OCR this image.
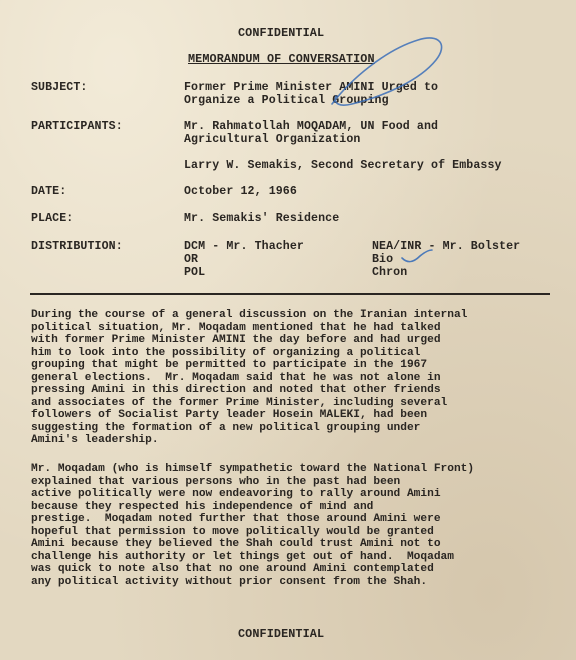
CONFIDENTIAL
MEMORANDUM OF CONVERSATION
SUBJECT:	Former Prime Minister AMINI Urged to
Organize a Political Grouping
PARTICIPANTS:	Mr. Rahmatollah MOQADAM, UN Food and
Agricultural Organization
Larry W. Semakis, Second Secretary of Embassy
DATE:	October 12, 1966
PLACE:	Mr. Semakis' Residence
DISTRIBUTION:	DCM - Mr. Thacher
OR
POL
NEA/INR - Mr. Bolster
Bio
Chron
During the course of a general discussion on the Iranian internal
political situation, Mr. Moqadam mentioned that he had talked
with former Prime Minister AMINI the day before and had urged
him to look into the possibility of organizing a political
grouping that might be permitted to participate in the 1967
general elections.  Mr. Moqadam said that he was not alone in
pressing Amini in this direction and noted that other friends
and associates of the former Prime Minister, including several
followers of Socialist Party leader Hosein MALEKI, had been
suggesting the formation of a new political grouping under
Amini's leadership.
Mr. Moqadam (who is himself sympathetic toward the National Front)
explained that various persons who in the past had been
active politically were now endeavoring to rally around Amini
because they respected his independence of mind and
prestige.  Moqadam noted further that those around Amini were
hopeful that permission to move politically would be granted
Amini because they believed the Shah could trust Amini not to
challenge his authority or let things get out of hand.  Moqadam
was quick to note also that no one around Amini contemplated
any political activity without prior consent from the Shah.
CONFIDENTIAL
